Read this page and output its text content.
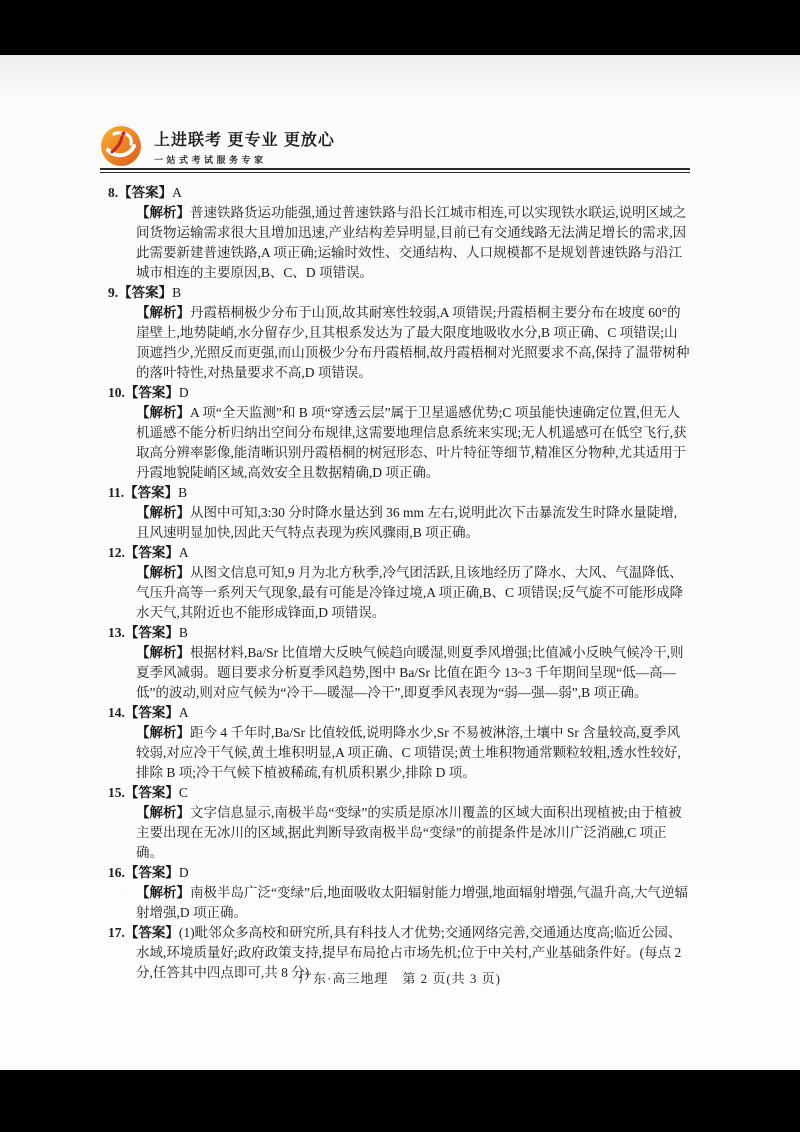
上进联考 更专业 更放心
一站式考试服务专家
8.【答案】A
【解析】普速铁路货运功能强,通过普速铁路与沿长江城市相连,可以实现铁水联运,说明区域之间货物运输需求很大且增加迅速,产业结构差异明显,目前已有交通线路无法满足增长的需求,因此需要新建普速铁路,A 项正确;运输时效性、交通结构、人口规模都不是规划普速铁路与沿江城市相连的主要原因,B、C、D 项错误。
9.【答案】B
【解析】丹霞梧桐极少分布于山顶,故其耐寒性较弱,A 项错误;丹霞梧桐主要分布在坡度 60°的崖壁上,地势陡峭,水分留存少,且其根系发达为了最大限度地吸收水分,B 项正确、C 项错误;山顶遮挡少,光照反而更强,而山顶极少分布丹霞梧桐,故丹霞梧桐对光照要求不高,保持了温带树种的落叶特性,对热量要求不高,D 项错误。
10.【答案】D
【解析】A 项“全天监测”和 B 项“穿透云层”属于卫星遥感优势;C 项虽能快速确定位置,但无人机遥感不能分析归纳出空间分布规律,这需要地理信息系统来实现;无人机遥感可在低空飞行,获取高分辨率影像,能清晰识别丹霞梧桐的树冠形态、叶片特征等细节,精准区分物种,尤其适用于丹霞地貌陡峭区域,高效安全且数据精确,D 项正确。
11.【答案】B
【解析】从图中可知,3:30 分时降水量达到 36 mm 左右,说明此次下击暴流发生时降水量陡增,且风速明显加快,因此天气特点表现为疾风骤雨,B 项正确。
12.【答案】A
【解析】从图文信息可知,9 月为北方秋季,冷气团活跃,且该地经历了降水、大风、气温降低、气压升高等一系列天气现象,最有可能是冷锋过境,A 项正确,B、C 项错误;反气旋不可能形成降水天气,其附近也不能形成锋面,D 项错误。
13.【答案】B
【解析】根据材料,Ba/Sr 比值增大反映气候趋向暖湿,则夏季风增强;比值减小反映气候冷干,则夏季风减弱。题目要求分析夏季风趋势,图中 Ba/Sr 比值在距今 13~3 千年期间呈现“低—高—低”的波动,则对应气候为“冷干—暖湿—冷干”,即夏季风表现为“弱—强—弱”,B 项正确。
14.【答案】A
【解析】距今 4 千年时,Ba/Sr 比值较低,说明降水少,Sr 不易被淋溶,土壤中 Sr 含量较高,夏季风较弱,对应冷干气候,黄土堆积明显,A 项正确、C 项错误;黄土堆积物通常颗粒较粗,透水性较好,排除 B 项;冷干气候下植被稀疏,有机质积累少,排除 D 项。
15.【答案】C
【解析】文字信息显示,南极半岛“变绿”的实质是原冰川覆盖的区域大面积出现植被;由于植被主要出现在无冰川的区域,据此判断导致南极半岛“变绿”的前提条件是冰川广泛消融,C 项正确。
16.【答案】D
【解析】南极半岛广泛“变绿”后,地面吸收太阳辐射能力增强,地面辐射增强,气温升高,大气逆辐射增强,D 项正确。
17.【答案】(1)毗邻众多高校和研究所,具有科技人才优势;交通网络完善,交通通达度高;临近公园、水域,环境质量好;政府政策支持,提早布局抢占市场先机;位于中关村,产业基础条件好。(每点 2 分,任答其中四点即可,共 8 分)
广东·高三地理　第 2 页(共 3 页)
